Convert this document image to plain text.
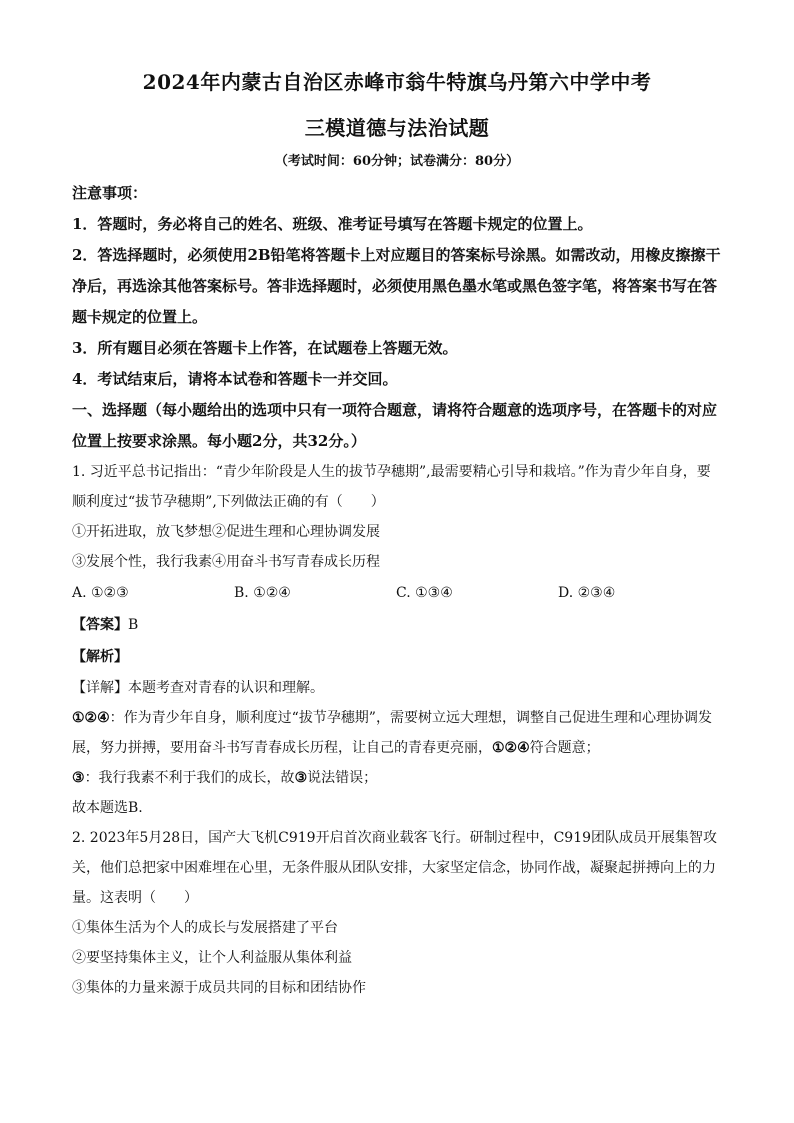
2024年内蒙古自治区赤峰市翁牛特旗乌丹第六中学中考
三模道德与法治试题
（考试时间：60分钟；试卷满分：80分）

注意事项：

1．答题时，务必将自己的姓名、班级、准考证号填写在答题卡规定的位置上。

2．答选择题时，必须使用2B铅笔将答题卡上对应题目的答案标号涂黑。如需改动，用橡皮擦擦干净后，再选涂其他答案标号。答非选择题时，必须使用黑色墨水笔或黑色签字笔，将答案书写在答题卡规定的位置上。

3．所有题目必须在答题卡上作答，在试题卷上答题无效。

4．考试结束后，请将本试卷和答题卡一并交回。

一、选择题（每小题给出的选项中只有一项符合题意，请将符合题意的选项序号，在答题卡的对应位置上按要求涂黑。每小题2分，共32分。）

1. 习近平总书记指出：“青少年阶段是人生的拔节孕穗期”,最需要精心引导和栽培。”作为青少年自身，要顺利度过“拔节孕穗期”,下列做法正确的有（　　）

①开拓进取，放飞梦想②促进生理和心理协调发展

③发展个性，我行我素④用奋斗书写青春成长历程

A. ①②③	B. ①②④	C. ①③④	D. ②③④

【答案】B

【解析】

【详解】本题考查对青春的认识和理解。

①②④：作为青少年自身，顺利度过“拔节孕穗期”，需要树立远大理想，调整自己促进生理和心理协调发展，努力拼搏，要用奋斗书写青春成长历程，让自己的青春更亮丽，①②④符合题意；

③：我行我素不利于我们的成长，故③说法错误；

故本题选B.

2. 2023年5月28日，国产大飞机C919开启首次商业载客飞行。研制过程中，C919团队成员开展集智攻关，他们总把家中困难埋在心里，无条件服从团队安排，大家坚定信念，协同作战，凝聚起拼搏向上的力量。这表明（　　）

①集体生活为个人的成长与发展搭建了平台

②要坚持集体主义，让个人利益服从集体利益

③集体的力量来源于成员共同的目标和团结协作
